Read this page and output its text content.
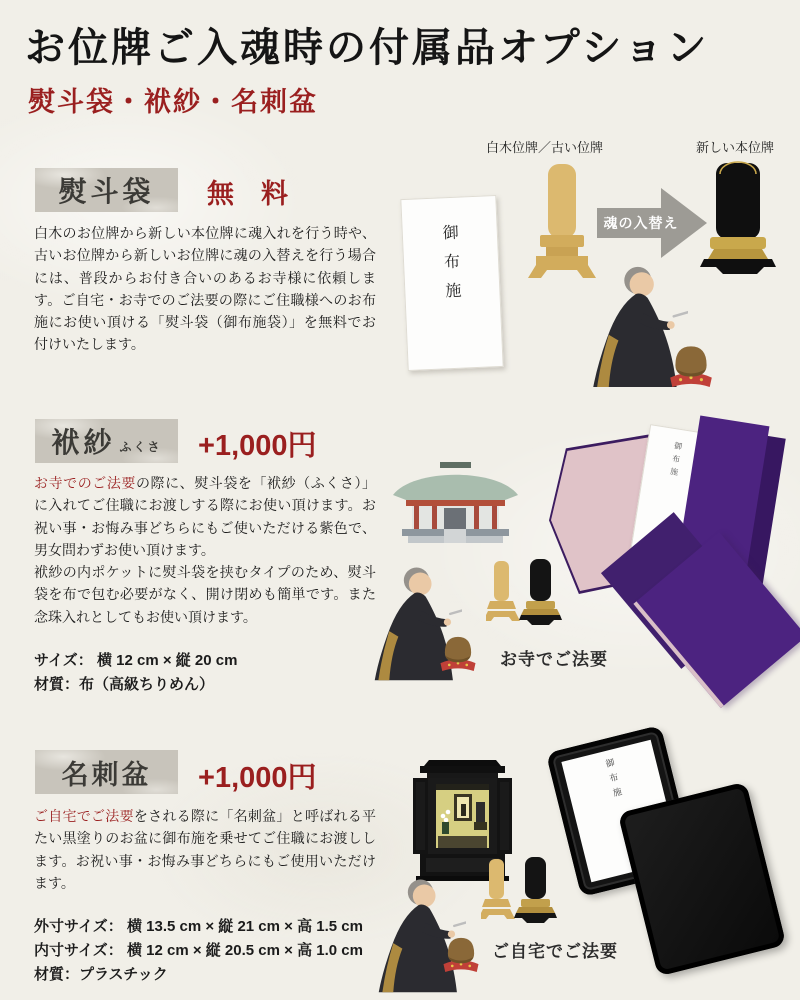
お位牌ご入魂時の付属品オプション
熨斗袋・袱紗・名刺盆
熨斗袋 無　料

白木のお位牌から新しい本位牌に魂入れを行う時や、古いお位牌から新しいお位牌に魂の入替えを行う場合には、普段からお付き合いのあるお寺様に依頼します。ご自宅・お寺でのご法要の際にご住職様へのお布施にお使い頂ける「熨斗袋（御布施袋）」を無料でお付けいたします。

白木位牌／古い位牌	新しい本位牌
御布施
魂の入替え
袱紗 ふくさ +1,000円

お寺でのご法要の際に、熨斗袋を「袱紗（ふくさ）」に入れてご住職にお渡しする際にお使い頂けます。お祝い事・お悔み事どちらにもご使いただける紫色で、男女問わずお使い頂けます。
袱紗の内ポケットに熨斗袋を挟むタイプのため、熨斗袋を布で包む必要がなく、開け閉めも簡単です。また念珠入れとしてもお使い頂けます。

サイズ： 横 12 cm × 縦 20 cm
材質：布（高級ちりめん）
お寺でご法要
御布施
名刺盆 +1,000円

ご自宅でご法要をされる際に「名刺盆」と呼ばれる平たい黒塗りのお盆に御布施を乗せてご住職にお渡しします。お祝い事・お悔み事どちらにもご使用いただけます。

外寸サイズ： 横 13.5 cm × 縦 21 cm × 高 1.5 cm
内寸サイズ： 横 12 cm × 縦 20.5 cm × 高 1.0 cm
材質：プラスチック
ご自宅でご法要
御布施
